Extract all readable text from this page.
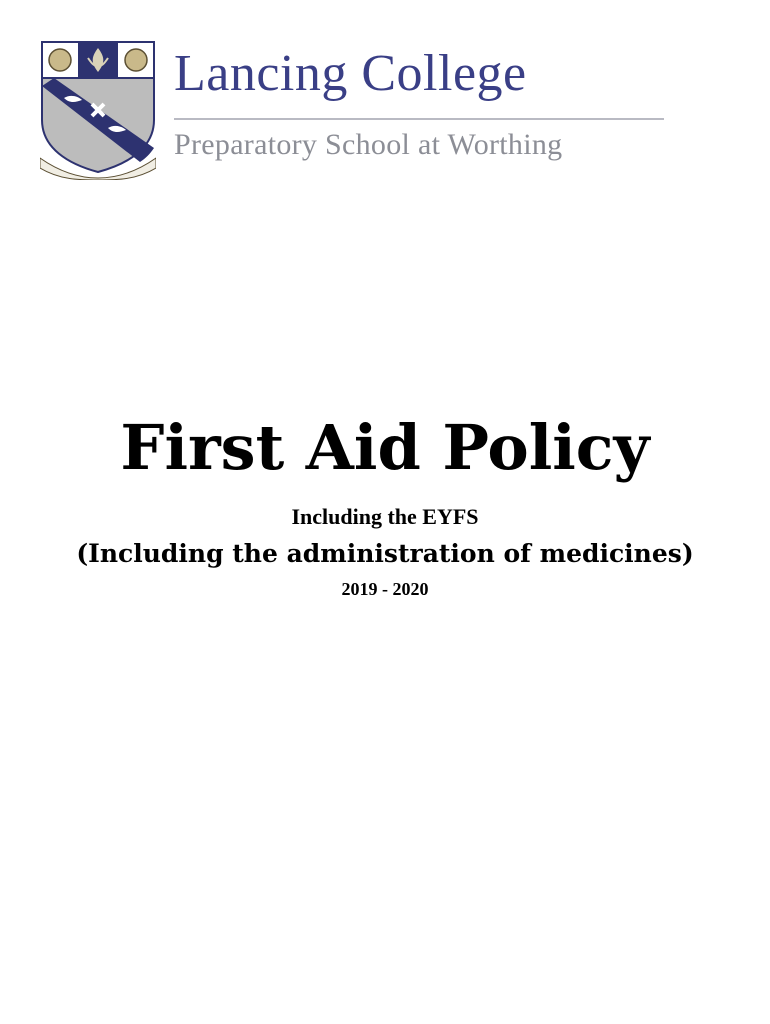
Lancing College
Preparatory School at Worthing
First Aid Policy
Including the EYFS
(Including the administration of medicines)
2019 - 2020
